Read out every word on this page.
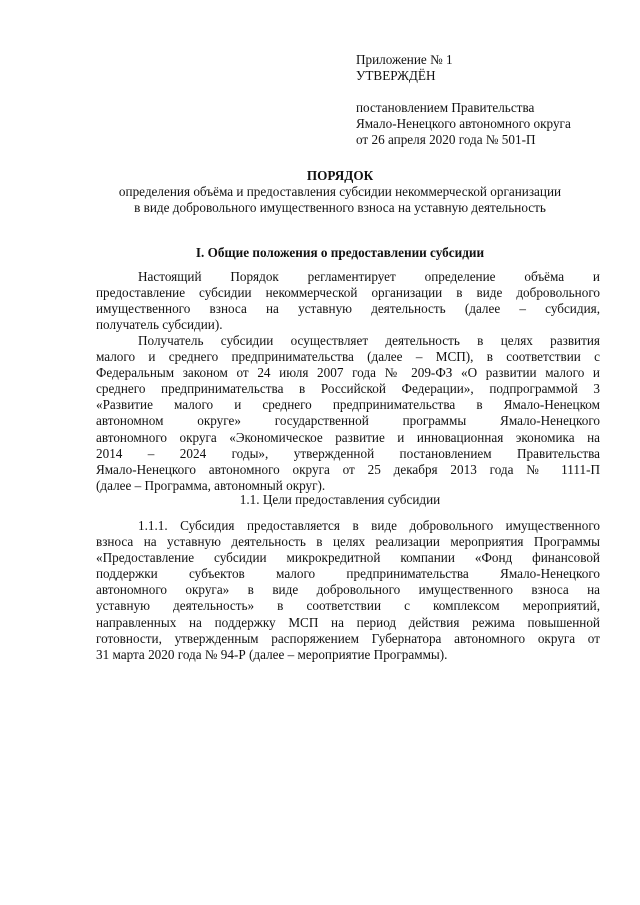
Приложение № 1
УТВЕРЖДЁН
постановлением Правительства
Ямало-Ненецкого автономного округа
от 26 апреля 2020 года № 501-П
ПОРЯДОК
определения объёма и предоставления субсидии некоммерческой организации
в виде добровольного имущественного взноса на уставную деятельность
I. Общие положения о предоставлении субсидии
Настоящий Порядок регламентирует определение объёма и
предоставление субсидии некоммерческой организации в виде добровольного
имущественного взноса на уставную деятельность (далее – субсидия,
получатель субсидии).
Получатель субсидии осуществляет деятельность в целях развития
малого и среднего предпринимательства (далее – МСП), в соответствии с
Федеральным законом от 24 июля 2007 года № 209-ФЗ «О развитии малого и
среднего предпринимательства в Российской Федерации», подпрограммой 3
«Развитие малого и среднего предпринимательства в Ямало-Ненецком
автономном округе» государственной программы Ямало-Ненецкого
автономного округа «Экономическое развитие и инновационная экономика на
2014 – 2024 годы», утвержденной постановлением Правительства
Ямало-Ненецкого автономного округа от 25 декабря 2013 года № 1111-П
(далее – Программа, автономный округ).
1.1. Цели предоставления субсидии
1.1.1. Субсидия предоставляется в виде добровольного имущественного
взноса на уставную деятельность в целях реализации мероприятия Программы
«Предоставление субсидии микрокредитной компании «Фонд финансовой
поддержки субъектов малого предпринимательства Ямало-Ненецкого
автономного округа» в виде добровольного имущественного взноса на
уставную деятельность» в соответствии с комплексом мероприятий,
направленных на поддержку МСП на период действия режима повышенной
готовности, утвержденным распоряжением Губернатора автономного округа от
31 марта 2020 года № 94-Р (далее – мероприятие Программы).
